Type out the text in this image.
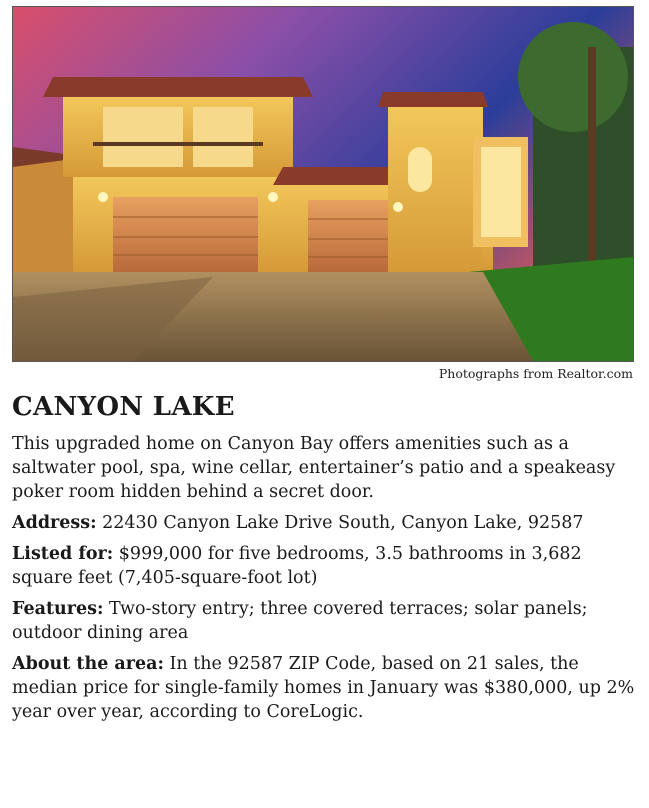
Photographs from Realtor.com
CANYON LAKE

This upgraded home on Canyon Bay offers amenities such as a saltwater pool, spa, wine cellar, entertainer’s patio and a speakeasy poker room hidden behind a secret door.

Address: 22430 Canyon Lake Drive South, Canyon Lake, 92587

Listed for: $999,000 for five bedrooms, 3.5 bathrooms in 3,682 square feet (7,405-square-foot lot)

Features: Two-story entry; three covered terraces; solar panels; outdoor dining area

About the area: In the 92587 ZIP Code, based on 21 sales, the median price for single-family homes in January was $380,000, up 2% year over year, according to CoreLogic.
